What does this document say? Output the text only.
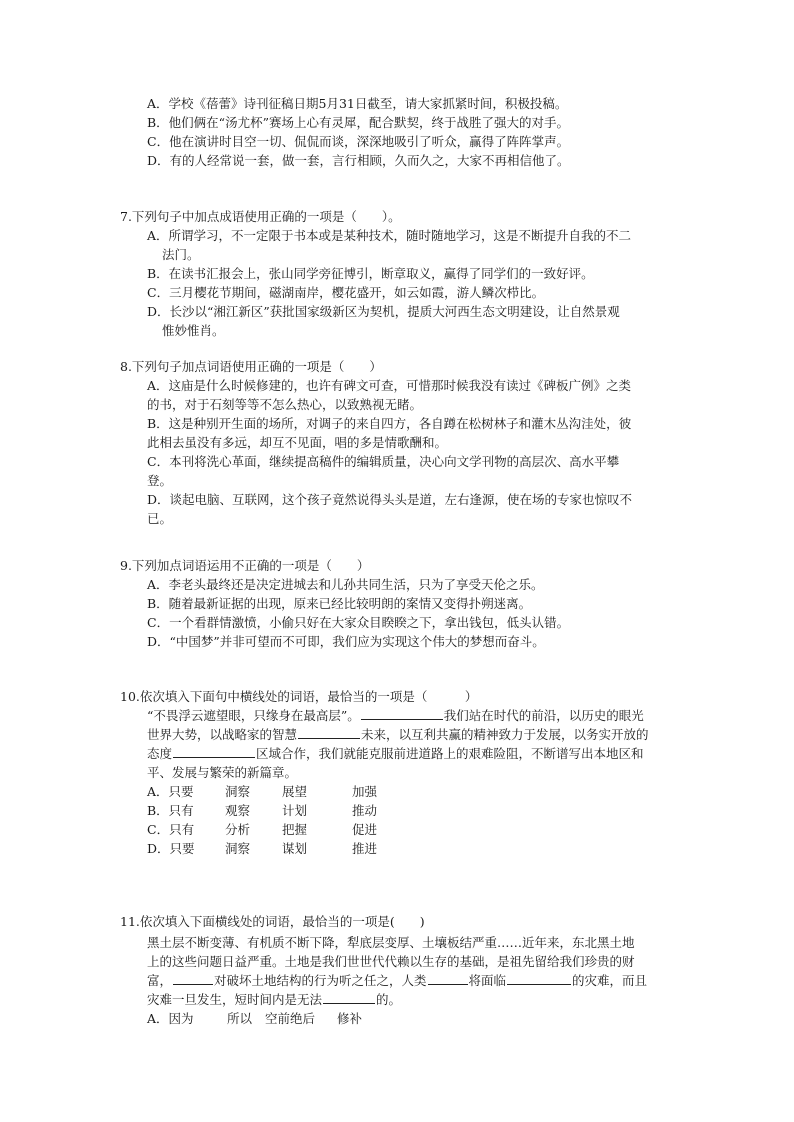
A．学校《蓓蕾》诗刊征稿日期5月31日截至，请大家抓紧时间，积极投稿。
B．他们俩在“汤尤杯”赛场上心有灵犀，配合默契，终于战胜了强大的对手。
C．他在演讲时目空一切、侃侃而谈，深深地吸引了听众，赢得了阵阵掌声。
D．有的人经常说一套，做一套，言行相顾，久而久之，大家不再相信他了。
7.下列句子中加点成语使用正确的一项是（　　）。
A．所谓学习，不一定限于书本或是某种技术，随时随地学习，这是不断提升自我的不二
法门。
B．在读书汇报会上，张山同学旁征博引，断章取义，赢得了同学们的一致好评。
C．三月樱花节期间，磁湖南岸，樱花盛开，如云如霞，游人鳞次栉比。
D．长沙以“湘江新区”获批国家级新区为契机，提质大河西生态文明建设，让自然景观
惟妙惟肖。
8.下列句子加点词语使用正确的一项是（　　）
A．这庙是什么时候修建的，也许有碑文可查，可惜那时候我没有读过《碑板广例》之类
的书，对于石刻等等不怎么热心，以致熟视无睹。
B．这是种别开生面的场所，对调子的来自四方，各自蹲在松树林子和灌木丛沟洼处，彼
此相去虽没有多远，却互不见面，唱的多是情歌酬和。
C．本刊将洗心革面，继续提高稿件的编辑质量，决心向文学刊物的高层次、高水平攀
登。
D．谈起电脑、互联网，这个孩子竟然说得头头是道，左右逢源，使在场的专家也惊叹不
已。
9.下列加点词语运用不正确的一项是（　　）
A．李老头最终还是决定进城去和儿孙共同生活，只为了享受天伦之乐。
B．随着最新证据的出现，原来已经比较明朗的案情又变得扑朔迷离。
C．一个看群情激愤，小偷只好在大家众目睽睽之下，拿出钱包，低头认错。
D．“中国梦”并非可望而不可即，我们应为实现这个伟大的梦想而奋斗。
10.依次填入下面句中横线处的词语，最恰当的一项是（　　　）
“不畏浮云遮望眼，只缘身在最高层”。	我们站在时代的前沿，以历史的眼光
世界大势，以战略家的智慧	未来，以互利共赢的精神致力于发展，以务实开放的
态度	区域合作，我们就能克服前进道路上的艰难险阻，不断谱写出本地区和
平、发展与繁荣的新篇章。
A．只要	洞察	展望	加强
B．只有	观察	计划	推动
C．只有 分析	把握	促进
D．只要 洞察	谋划	推进
11.依次填入下面横线处的词语，最恰当的一项是(　　)
黑土层不断变薄、有机质不断下降，犁底层变厚、土壤板结严重……近年来，东北黑土地
上的这些问题日益严重。土地是我们世世代代赖以生存的基础，是祖先留给我们珍贵的财
富，	对破坏土地结构的行为听之任之，人类	将面临	的灾难，而且
灾难一旦发生，短时间内是无法	的。
A．因为	所以 空前绝后 修补
